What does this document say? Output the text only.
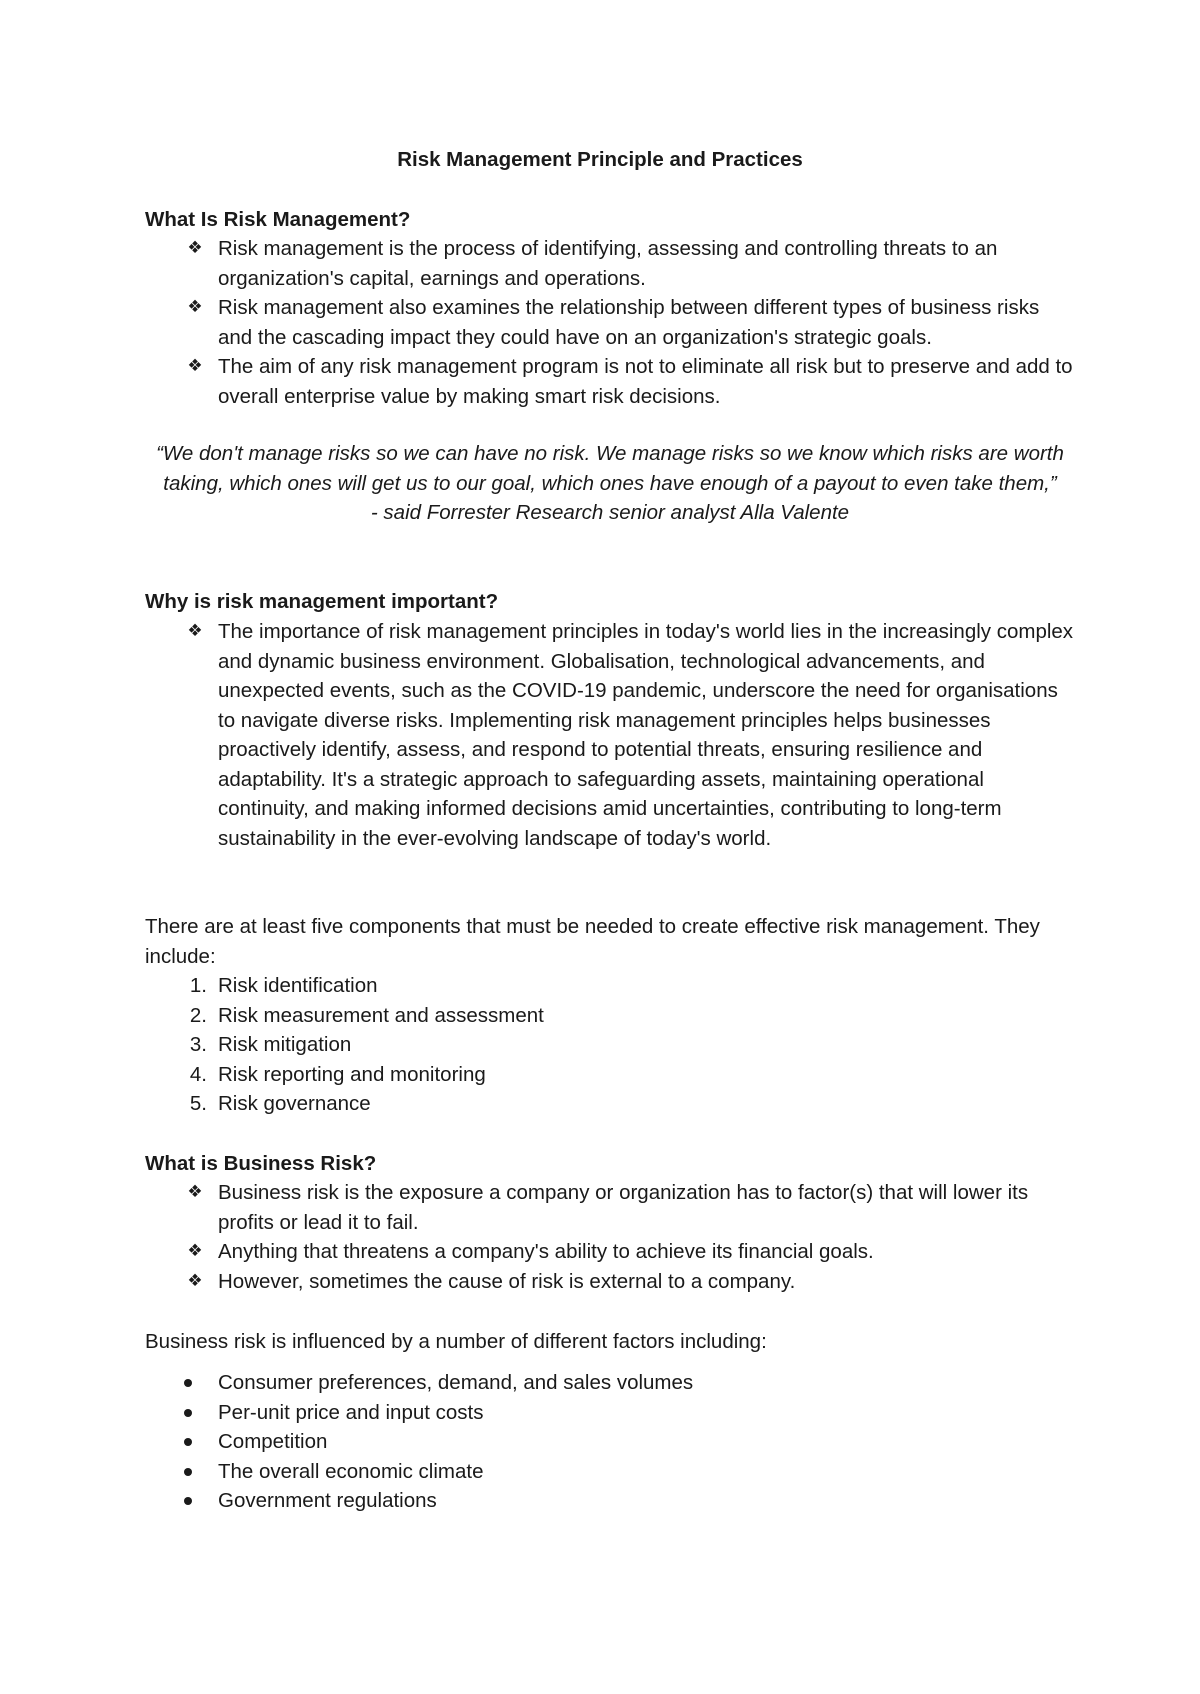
Risk Management Principle and Practices
What Is Risk Management?
❖ Risk management is the process of identifying, assessing and controlling threats to an organization's capital, earnings and operations.
❖ Risk management also examines the relationship between different types of business risks and the cascading impact they could have on an organization's strategic goals.
❖ The aim of any risk management program is not to eliminate all risk but to preserve and add to overall enterprise value by making smart risk decisions.
“We don't manage risks so we can have no risk. We manage risks so we know which risks are worth taking, which ones will get us to our goal, which ones have enough of a payout to even take them,”
- said Forrester Research senior analyst Alla Valente
Why is risk management important?
❖ The importance of risk management principles in today's world lies in the increasingly complex and dynamic business environment. Globalisation, technological advancements, and unexpected events, such as the COVID-19 pandemic, underscore the need for organisations to navigate diverse risks. Implementing risk management principles helps businesses proactively identify, assess, and respond to potential threats, ensuring resilience and adaptability. It's a strategic approach to safeguarding assets, maintaining operational continuity, and making informed decisions amid uncertainties, contributing to long-term sustainability in the ever-evolving landscape of today's world.

There are at least five components that must be needed to create effective risk management. They include:

1. Risk identification
2. Risk measurement and assessment
3. Risk mitigation
4. Risk reporting and monitoring
5. Risk governance
What is Business Risk?
❖ Business risk is the exposure a company or organization has to factor(s) that will lower its profits or lead it to fail.
❖ Anything that threatens a company's ability to achieve its financial goals.
❖ However, sometimes the cause of risk is external to a company.

Business risk is influenced by a number of different factors including:

Consumer preferences, demand, and sales volumes
Per-unit price and input costs
Competition
The overall economic climate
Government regulations
